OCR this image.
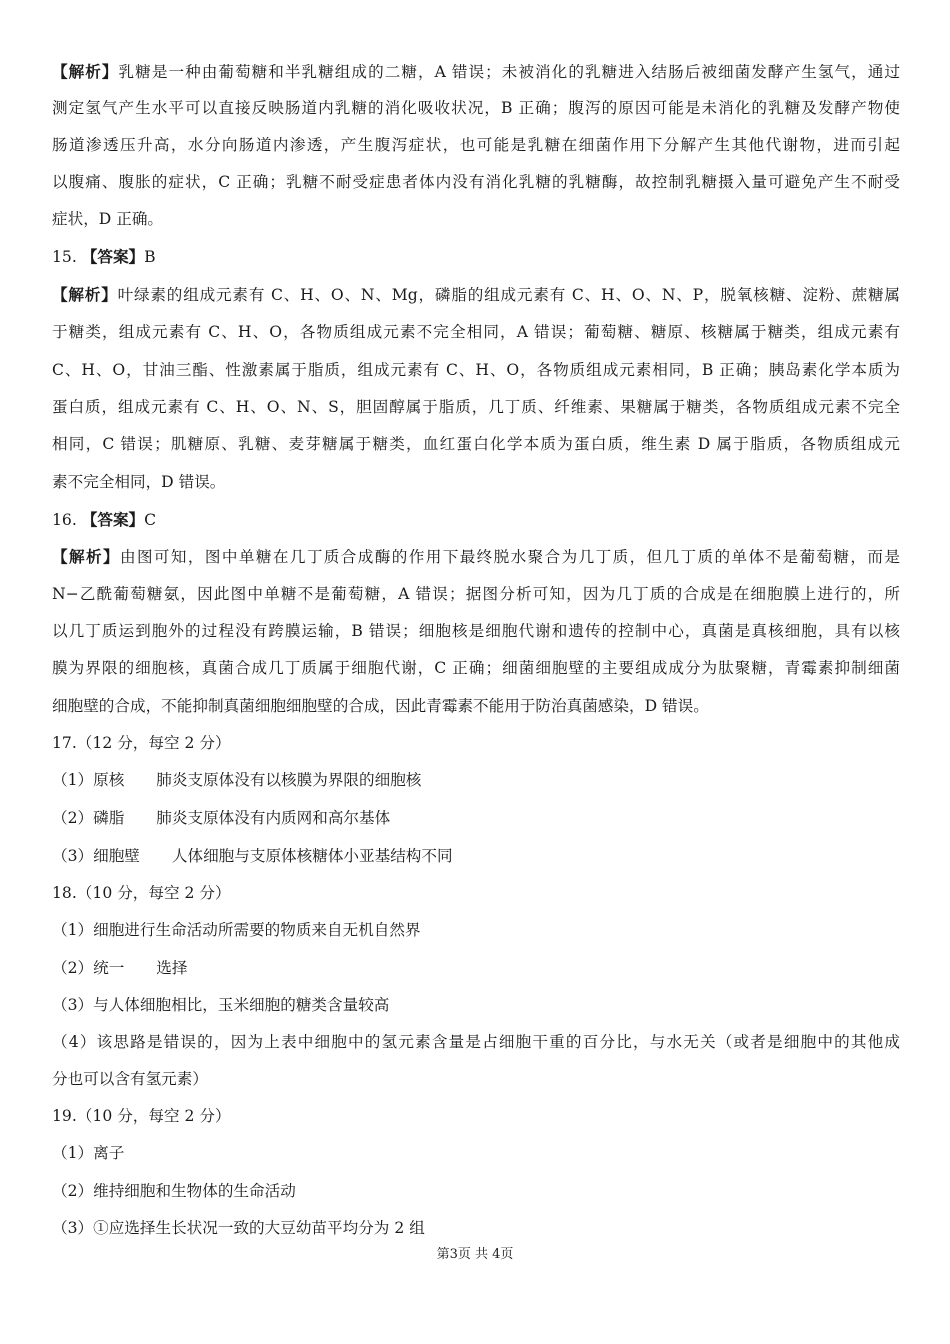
【解析】乳糖是一种由葡萄糖和半乳糖组成的二糖，A 错误；未被消化的乳糖进入结肠后被细菌发酵产生氢气，通过
测定氢气产生水平可以直接反映肠道内乳糖的消化吸收状况，B 正确；腹泻的原因可能是未消化的乳糖及发酵产物使
肠道渗透压升高，水分向肠道内渗透，产生腹泻症状，也可能是乳糖在细菌作用下分解产生其他代谢物，进而引起
以腹痛、腹胀的症状，C 正确；乳糖不耐受症患者体内没有消化乳糖的乳糖酶，故控制乳糖摄入量可避免产生不耐受
症状，D 正确。
15. 【答案】B
【解析】叶绿素的组成元素有 C、H、O、N、Mg，磷脂的组成元素有 C、H、O、N、P，脱氧核糖、淀粉、蔗糖属
于糖类，组成元素有 C、H、O，各物质组成元素不完全相同，A 错误；葡萄糖、糖原、核糖属于糖类，组成元素有
C、H、O，甘油三酯、性激素属于脂质，组成元素有 C、H、O，各物质组成元素相同，B 正确；胰岛素化学本质为
蛋白质，组成元素有 C、H、O、N、S，胆固醇属于脂质，几丁质、纤维素、果糖属于糖类，各物质组成元素不完全
相同，C 错误；肌糖原、乳糖、麦芽糖属于糖类，血红蛋白化学本质为蛋白质，维生素 D 属于脂质，各物质组成元
素不完全相同，D 错误。
16. 【答案】C
【解析】由图可知，图中单糖在几丁质合成酶的作用下最终脱水聚合为几丁质，但几丁质的单体不是葡萄糖，而是
N−乙酰葡萄糖氨，因此图中单糖不是葡萄糖，A 错误；据图分析可知，因为几丁质的合成是在细胞膜上进行的，所
以几丁质运到胞外的过程没有跨膜运输，B 错误；细胞核是细胞代谢和遗传的控制中心，真菌是真核细胞，具有以核
膜为界限的细胞核，真菌合成几丁质属于细胞代谢，C 正确；细菌细胞壁的主要组成成分为肽聚糖，青霉素抑制细菌
细胞壁的合成，不能抑制真菌细胞细胞壁的合成，因此青霉素不能用于防治真菌感染，D 错误。
17.（12 分，每空 2 分）
（1）原核 肺炎支原体没有以核膜为界限的细胞核
（2）磷脂 肺炎支原体没有内质网和高尔基体
（3）细胞壁 人体细胞与支原体核糖体小亚基结构不同
18.（10 分，每空 2 分）
（1）细胞进行生命活动所需要的物质来自无机自然界
（2）统一 选择
（3）与人体细胞相比，玉米细胞的糖类含量较高
（4）该思路是错误的，因为上表中细胞中的氢元素含量是占细胞干重的百分比，与水无关（或者是细胞中的其他成
分也可以含有氢元素）
19.（10 分，每空 2 分）
（1）离子
（2）维持细胞和生物体的生命活动
（3）①应选择生长状况一致的大豆幼苗平均分为 2 组
第3页 共 4页
